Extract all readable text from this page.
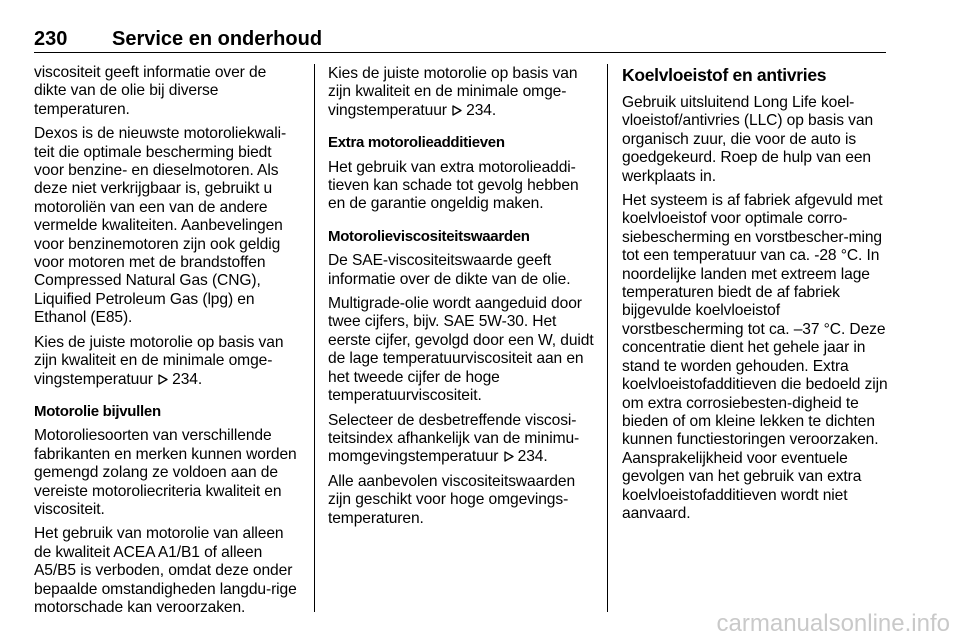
230 Service en onderhoud
viscositeit geeft informatie over de dikte van de olie bij diverse temperaturen.
Dexos is de nieuwste motoroliekwali-teit die optimale bescherming biedt voor benzine- en dieselmotoren. Als deze niet verkrijgbaar is, gebruikt u motoroliën van een van de andere vermelde kwaliteiten. Aanbevelingen voor benzinemotoren zijn ook geldig voor motoren met de brandstoffen Compressed Natural Gas (CNG), Liquified Petroleum Gas (lpg) en Ethanol (E85).
Kies de juiste motorolie op basis van zijn kwaliteit en de minimale omge-vingstemperatuur 234.
Motorolie bijvullen
Motoroliesoorten van verschillende fabrikanten en merken kunnen worden gemengd zolang ze voldoen aan de vereiste motoroliecriteria kwaliteit en viscositeit.
Het gebruik van motorolie van alleen de kwaliteit ACEA A1/B1 of alleen A5/B5 is verboden, omdat deze onder bepaalde omstandigheden langdu-rige motorschade kan veroorzaken.
Kies de juiste motorolie op basis van zijn kwaliteit en de minimale omge-vingstemperatuur 234.
Extra motorolieadditieven
Het gebruik van extra motorolieaddi-tieven kan schade tot gevolg hebben en de garantie ongeldig maken.
Motorolieviscositeitswaarden
De SAE-viscositeitswaarde geeft informatie over de dikte van de olie.
Multigrade-olie wordt aangeduid door twee cijfers, bijv. SAE 5W-30. Het eerste cijfer, gevolgd door een W, duidt de lage temperatuurviscositeit aan en het tweede cijfer de hoge temperatuurviscositeit.
Selecteer de desbetreffende viscosi-teitsindex afhankelijk van de minimu-momgevingstemperatuur 234.
Alle aanbevolen viscositeitswaarden zijn geschikt voor hoge omgevings-temperaturen.
Koelvloeistof en antivries
Gebruik uitsluitend Long Life koel-vloeistof/antivries (LLC) op basis van organisch zuur, die voor de auto is goedgekeurd. Roep de hulp van een werkplaats in.
Het systeem is af fabriek afgevuld met koelvloeistof voor optimale corro-siebescherming en vorstbescher-ming tot een temperatuur van ca. -28 °C. In noordelijke landen met extreem lage temperaturen biedt de af fabriek bijgevulde koelvloeistof vorstbescherming tot ca. –37 °C. Deze concentratie dient het gehele jaar in stand te worden gehouden. Extra koelvloeistofadditieven die bedoeld zijn om extra corrosiebesten-digheid te bieden of om kleine lekken te dichten kunnen functiestoringen veroorzaken. Aansprakelijkheid voor eventuele gevolgen van het gebruik van extra koelvloeistofadditieven wordt niet aanvaard.
carmanualsonline.info
